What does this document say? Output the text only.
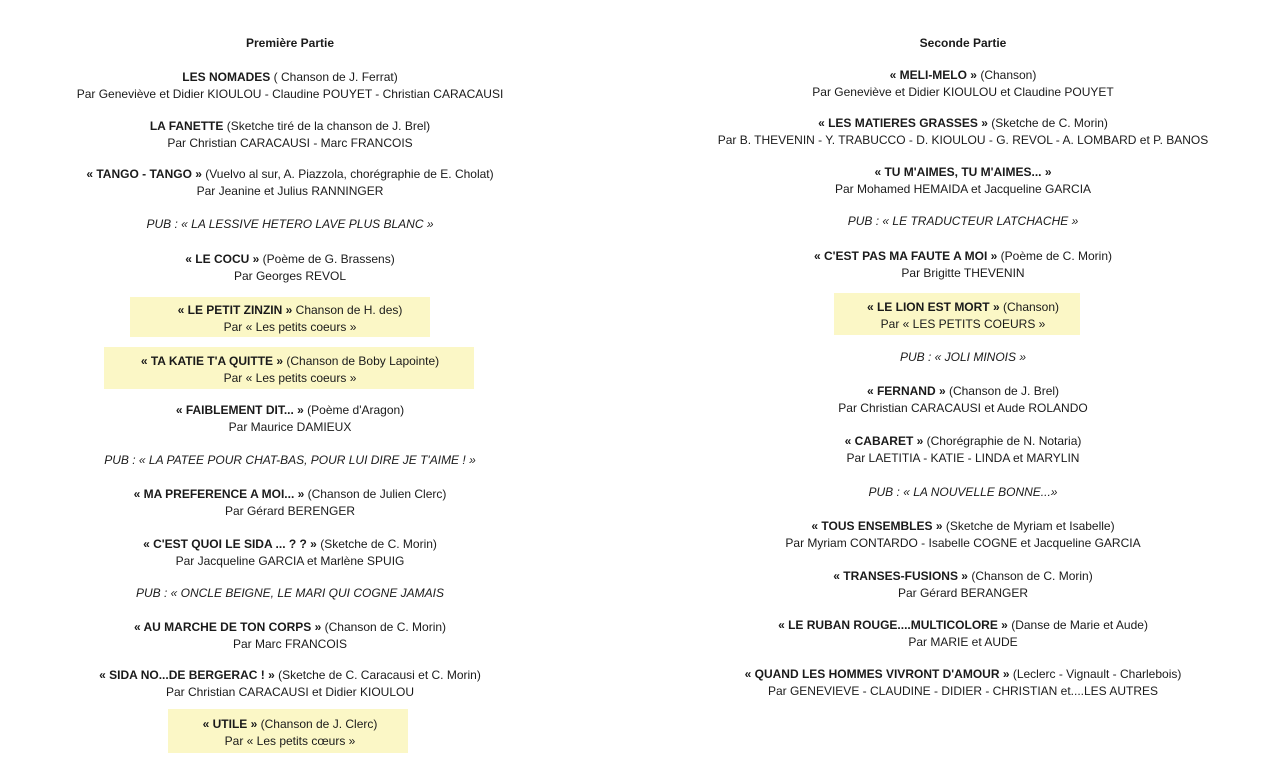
Première Partie
LES NOMADES ( Chanson de J. Ferrat)
Par Geneviève et Didier KIOULOU - Claudine POUYET - Christian CARACAUSI
LA FANETTE (Sketche tiré de la chanson de J. Brel)
Par Christian CARACAUSI - Marc FRANCOIS
« TANGO - TANGO » (Vuelvo al sur, A. Piazzola, chorégraphie de E. Cholat)
Par Jeanine et Julius RANNINGER
PUB : « LA LESSIVE HETERO LAVE PLUS BLANC »
« LE COCU » (Poème de G. Brassens)
Par Georges REVOL
« LE PETIT ZINZIN » Chanson de H. des)
Par « Les petits coeurs »
« TA KATIE T'A QUITTE » (Chanson de Boby Lapointe)
Par « Les petits coeurs »
« FAIBLEMENT DIT... » (Poème d'Aragon)
Par Maurice DAMIEUX
PUB : « LA PATEE POUR CHAT-BAS, POUR LUI DIRE JE T'AIME ! »
« MA PREFERENCE A MOI... » (Chanson de Julien Clerc)
Par Gérard BERENGER
« C'EST QUOI LE SIDA ... ? ? » (Sketche de C. Morin)
Par Jacqueline GARCIA et Marlène SPUIG
PUB : « ONCLE BEIGNE, LE MARI QUI COGNE JAMAIS
« AU MARCHE DE TON CORPS » (Chanson de C. Morin)
Par Marc FRANCOIS
« SIDA NO...DE BERGERAC ! » (Sketche de C. Caracausi et C. Morin)
Par Christian CARACAUSI et Didier KIOULOU
« UTILE » (Chanson de J. Clerc)
Par « Les petits cœurs »
Seconde Partie
« MELI-MELO » (Chanson)
Par Geneviève et Didier KIOULOU et Claudine POUYET
« LES MATIERES GRASSES » (Sketche de C. Morin)
Par B. THEVENIN - Y. TRABUCCO - D. KIOULOU - G. REVOL - A. LOMBARD et P. BANOS
« TU M'AIMES, TU M'AIMES... »
Par Mohamed HEMAIDA et Jacqueline GARCIA
PUB : « LE TRADUCTEUR LATCHACHE »
« C'EST PAS MA FAUTE A MOI » (Poème de C. Morin)
Par Brigitte THEVENIN
« LE LION EST MORT » (Chanson)
Par « LES PETITS COEURS »
PUB : « JOLI MINOIS »
« FERNAND » (Chanson de J. Brel)
Par Christian CARACAUSI et Aude ROLANDO
« CABARET » (Chorégraphie de N. Notaria)
Par LAETITIA - KATIE - LINDA et MARYLIN
PUB : « LA NOUVELLE BONNE...»
« TOUS ENSEMBLES » (Sketche de Myriam et Isabelle)
Par Myriam CONTARDO - Isabelle COGNE et Jacqueline GARCIA
« TRANSES-FUSIONS » (Chanson de C. Morin)
Par Gérard BERANGER
« LE RUBAN ROUGE....MULTICOLORE » (Danse de Marie et Aude)
Par MARIE et AUDE
« QUAND LES HOMMES VIVRONT D'AMOUR » (Leclerc - Vignault - Charlebois)
Par GENEVIEVE - CLAUDINE - DIDIER - CHRISTIAN et....LES AUTRES
